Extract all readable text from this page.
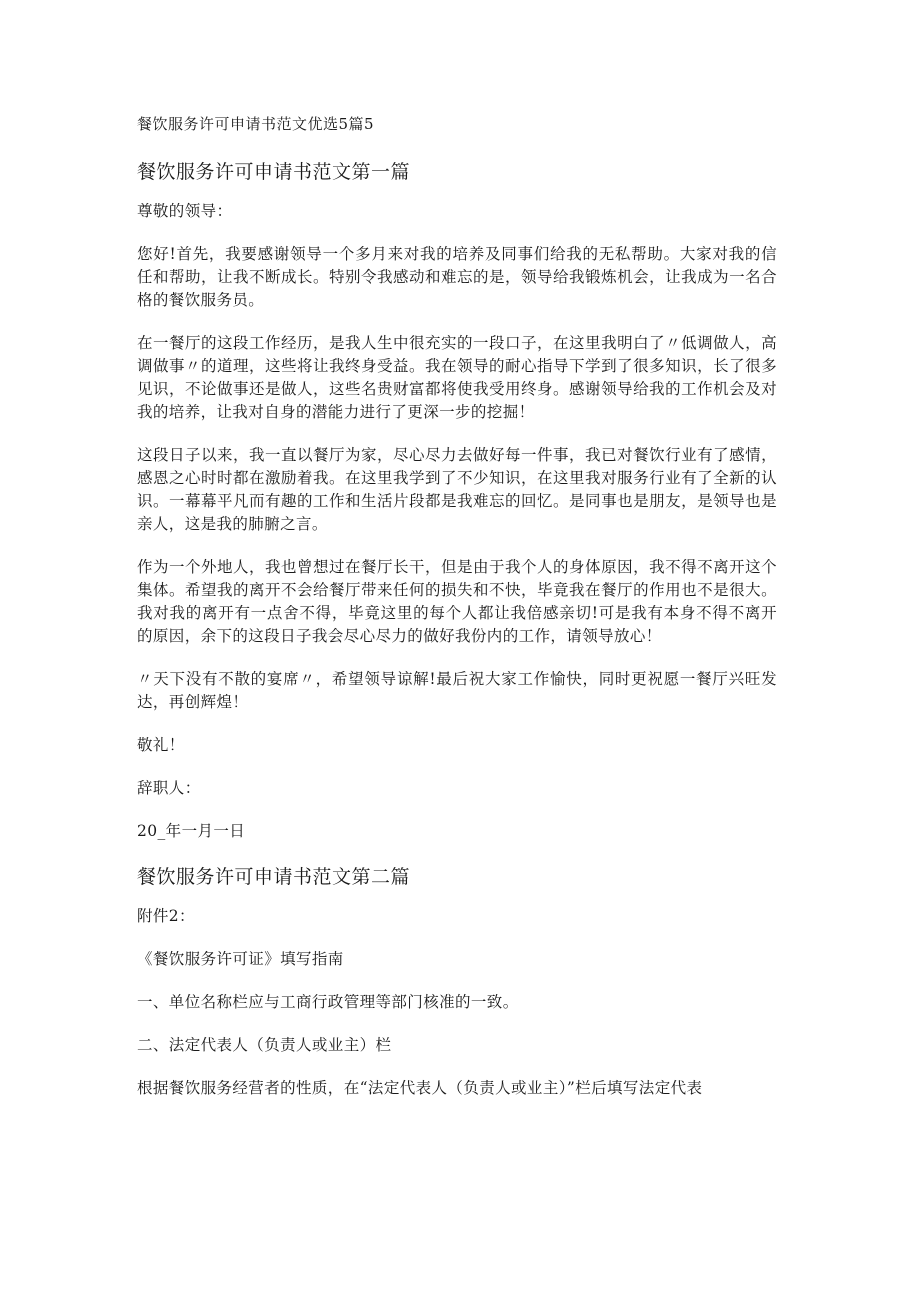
餐饮服务许可申请书范文优选5篇5
餐饮服务许可申请书范文第一篇
尊敬的领导：
您好!首先，我要感谢领导一个多月来对我的培养及同事们给我的无私帮助。大家对我的信任和帮助，让我不断成长。特别令我感动和难忘的是，领导给我锻炼机会，让我成为一名合格的餐饮服务员。
在一餐厅的这段工作经历，是我人生中很充实的一段口子，在这里我明白了〃低调做人，高调做事〃的道理，这些将让我终身受益。我在领导的耐心指导下学到了很多知识，长了很多见识，不论做事还是做人，这些名贵财富都将使我受用终身。感谢领导给我的工作机会及对我的培养，让我对自身的潜能力进行了更深一步的挖掘！
这段日子以来，我一直以餐厅为家，尽心尽力去做好每一件事，我已对餐饮行业有了感情，感恩之心时时都在激励着我。在这里我学到了不少知识，在这里我对服务行业有了全新的认识。一幕幕平凡而有趣的工作和生活片段都是我难忘的回忆。是同事也是朋友，是领导也是亲人，这是我的肺腑之言。
作为一个外地人，我也曾想过在餐厅长干，但是由于我个人的身体原因，我不得不离开这个集体。希望我的离开不会给餐厅带来任何的损失和不快，毕竟我在餐厅的作用也不是很大。我对我的离开有一点舍不得，毕竟这里的每个人都让我倍感亲切!可是我有本身不得不离开的原因，余下的这段日子我会尽心尽力的做好我份内的工作，请领导放心！
〃天下没有不散的宴席〃，希望领导谅解!最后祝大家工作愉快，同时更祝愿一餐厅兴旺发达，再创辉煌！
敬礼！
辞职人：
20_年一月一日
餐饮服务许可申请书范文第二篇
附件2：
《餐饮服务许可证》填写指南
一、单位名称栏应与工商行政管理等部门核准的一致。
二、法定代表人（负责人或业主）栏
根据餐饮服务经营者的性质，在“法定代表人（负责人或业主）”栏后填写法定代表
